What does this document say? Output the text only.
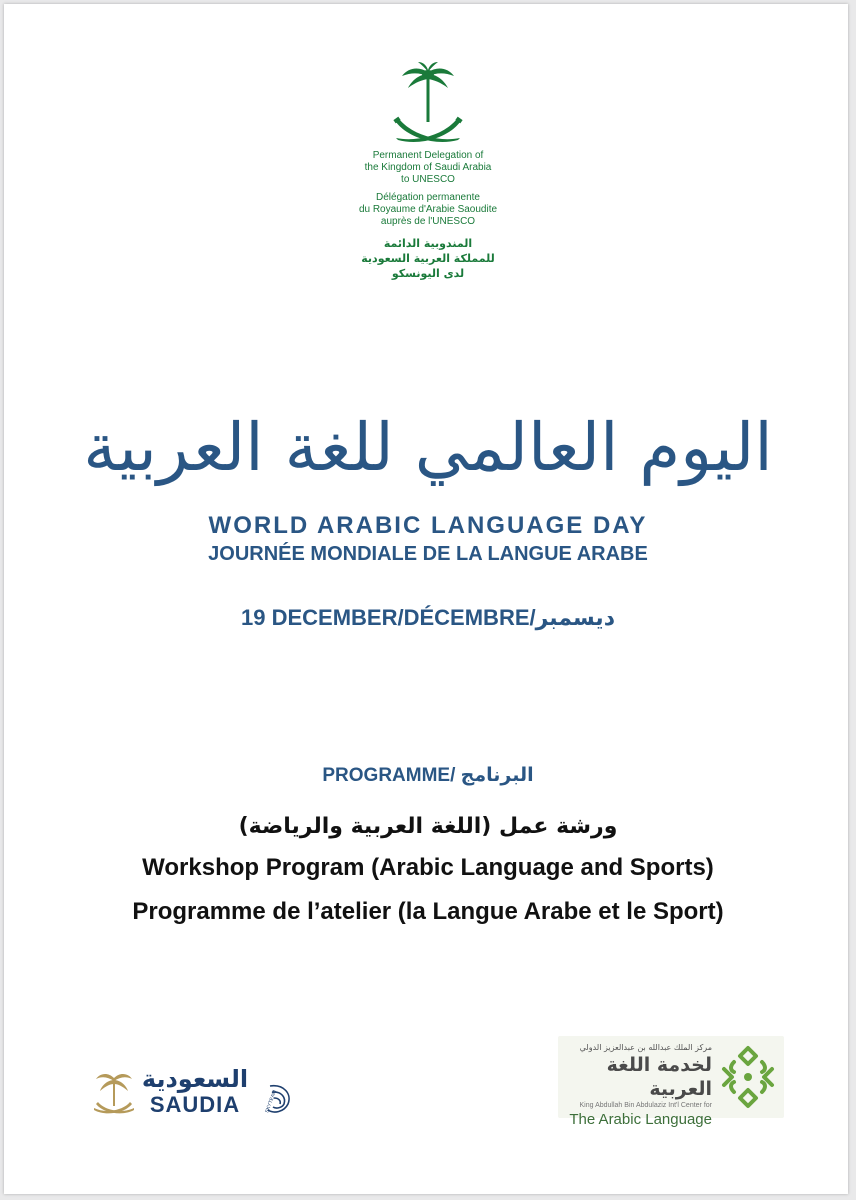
Permanent Delegation of
the Kingdom of Saudi Arabia
to UNESCO
Délégation permanente
du Royaume d'Arabie Saoudite
auprès de l'UNESCO
المندوبية الدائمة
للمملكة العربية السعودية
لدى اليونسكو
اليوم العالمي للغة العربية
WORLD ARABIC LANGUAGE DAY
JOURNÉE MONDIALE DE LA LANGUE ARABE
19 DECEMBER/DÉCEMBRE/ديسمبر
PROGRAMME/ البرنامج
ورشة عمل (اللغة العربية والرياضة)
Workshop Program (Arabic Language and Sports)
Programme de l’atelier (la Langue Arabe et le Sport)
السعودية
SAUDIA	SKYTEAM
مركز الملك عبدالله بن عبدالعزيز الدولي
لخدمة اللغة العربية
King Abdullah Bin Abdulaziz Int'l Center for
The Arabic Language
